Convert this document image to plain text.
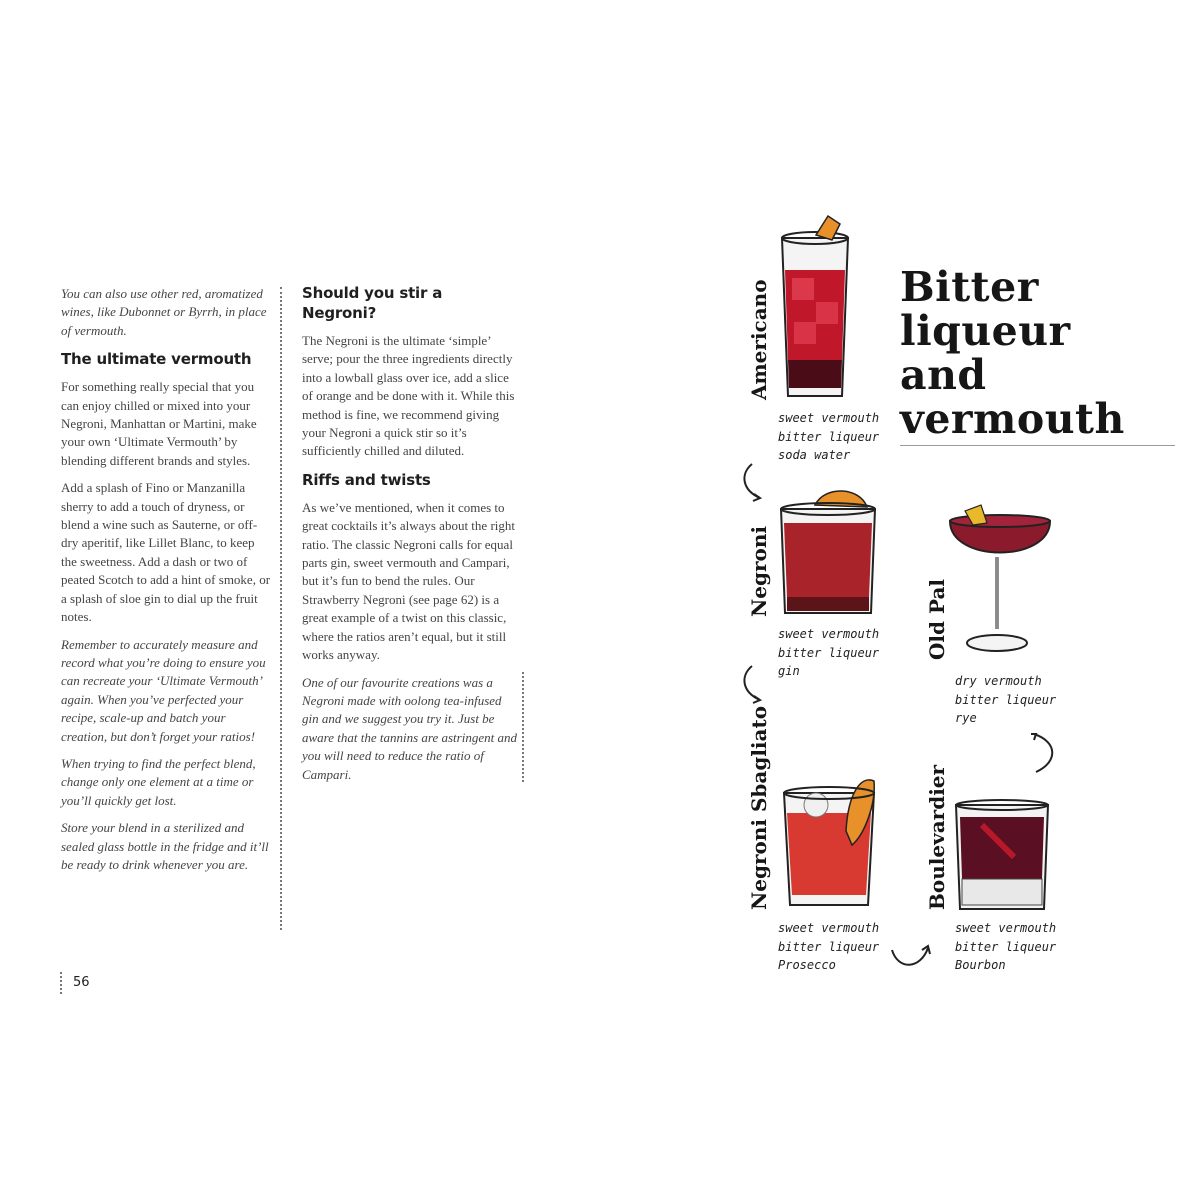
You can also use other red, aromatized wines, like Dubonnet or Byrrh, in place of vermouth.

The ultimate vermouth

For something really special that you can enjoy chilled or mixed into your Negroni, Manhattan or Martini, make your own ‘Ultimate Vermouth’ by blending different brands and styles.

Add a splash of Fino or Manzanilla sherry to add a touch of dryness, or blend a wine such as Sauterne, or off-dry aperitif, like Lillet Blanc, to keep the sweetness. Add a dash or two of peated Scotch to add a hint of smoke, or a splash of sloe gin to dial up the fruit notes.

Remember to accurately measure and record what you’re doing to ensure you can recreate your ‘Ultimate Vermouth’ again. When you’ve perfected your recipe, scale-up and batch your creation, but don’t forget your ratios!

When trying to find the perfect blend, change only one element at a time or you’ll quickly get lost.

Store your blend in a sterilized and sealed glass bottle in the fridge and it’ll be ready to drink whenever you are.

Should you stir a Negroni?

The Negroni is the ultimate ‘simple’ serve; pour the three ingredients directly into a lowball glass over ice, add a slice of orange and be done with it. While this method is fine, we recommend giving your Negroni a quick stir so it’s sufficiently chilled and diluted.

Riffs and twists

As we’ve mentioned, when it comes to great cocktails it’s always about the right ratio. The classic Negroni calls for equal parts gin, sweet vermouth and Campari, but it’s fun to bend the rules. Our Strawberry Negroni (see page 62) is a great example of a twist on this classic, where the ratios aren’t equal, but it still works anyway.

One of our favourite creations was a Negroni made with oolong tea-infused gin and we suggest you try it. Just be aware that the tannins are astringent and you will need to reduce the ratio of Campari.

56
Bitter
liqueur
and
vermouth
Americano
sweet vermouth
bitter liqueur
soda water
Negroni
sweet vermouth
bitter liqueur
gin
Negroni Sbagliato
sweet vermouth
bitter liqueur
Prosecco
Old Pal
dry vermouth
bitter liqueur
rye
Boulevardier
sweet vermouth
bitter liqueur
Bourbon
